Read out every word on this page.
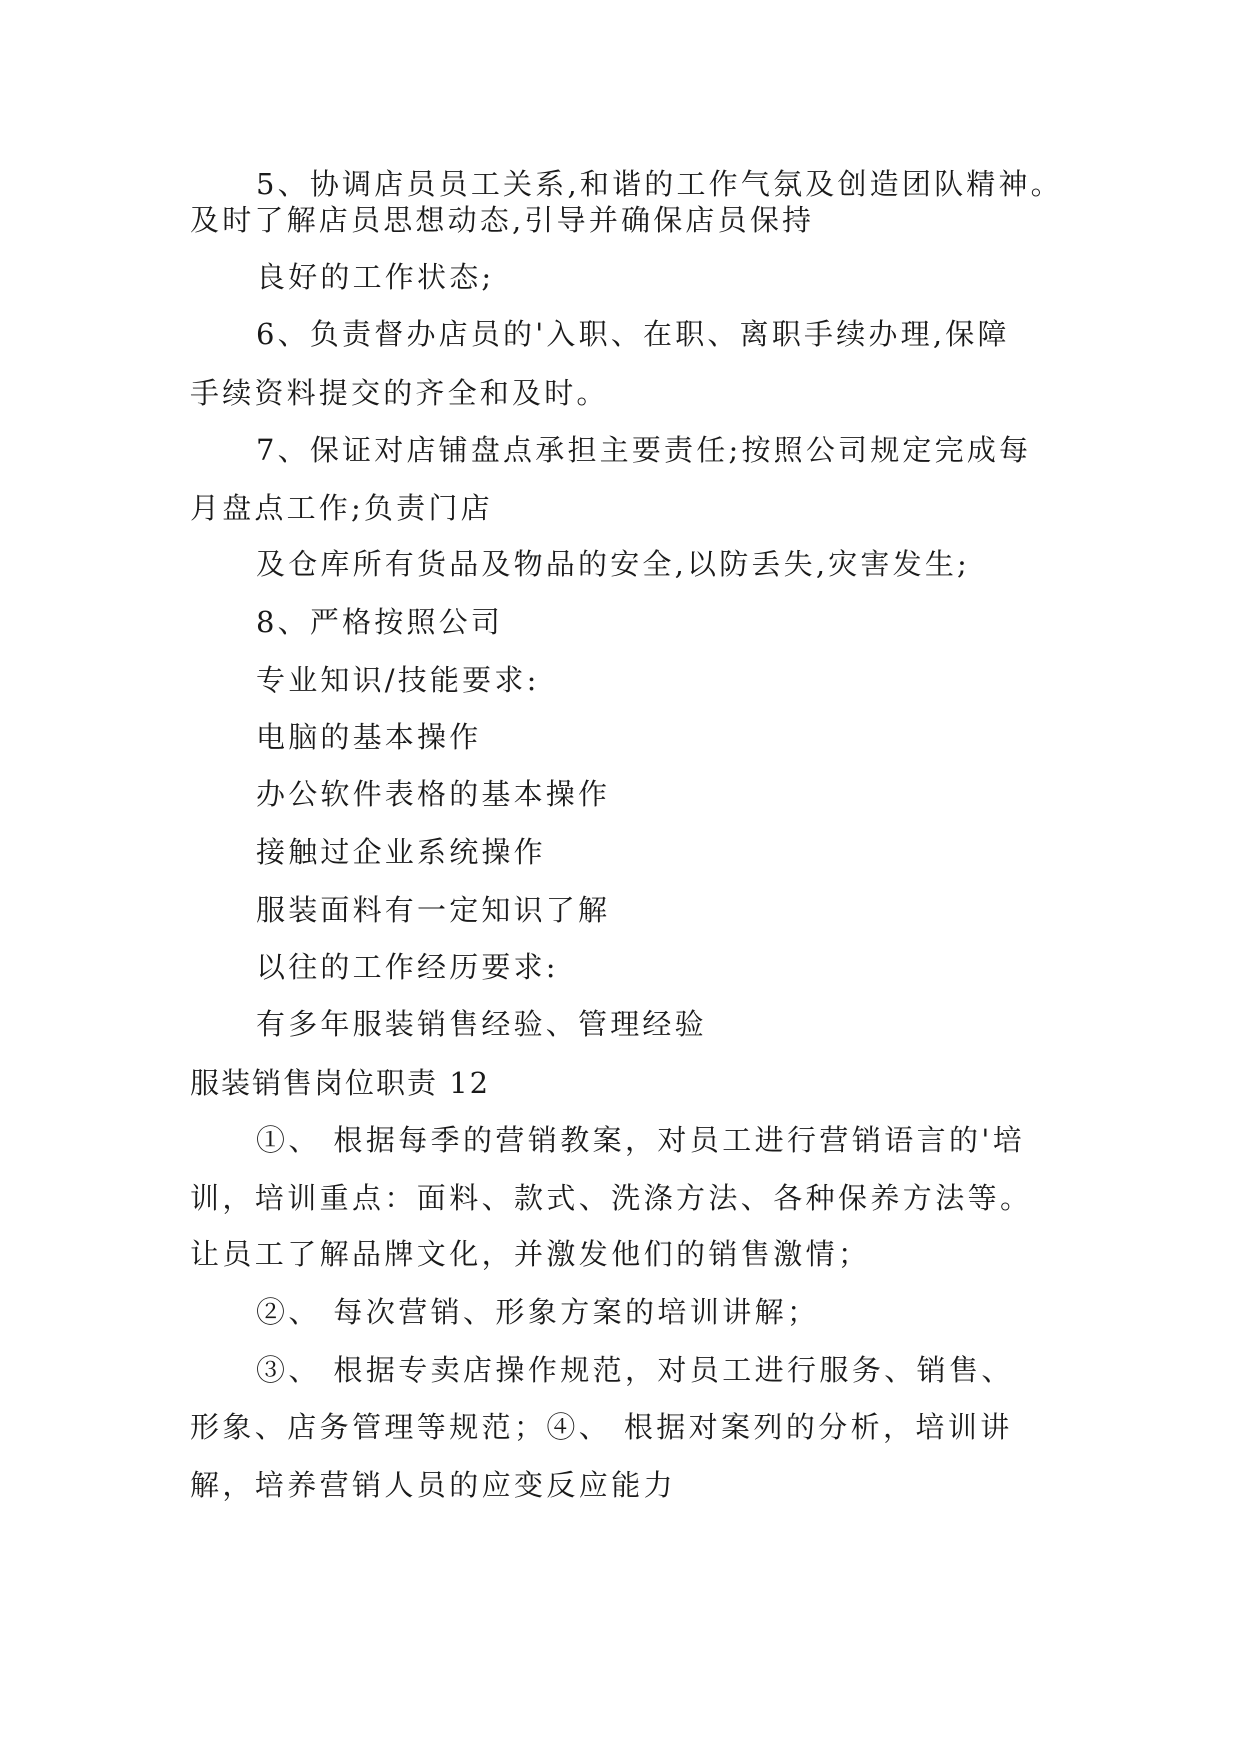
5、协调店员员工关系,和谐的工作气氛及创造团队精神。
及时了解店员思想动态,引导并确保店员保持
良好的工作状态;
6、负责督办店员的'入职、在职、离职手续办理,保障
手续资料提交的齐全和及时。
7、保证对店铺盘点承担主要责任;按照公司规定完成每
月盘点工作;负责门店
及仓库所有货品及物品的安全,以防丢失,灾害发生;
8、严格按照公司
专业知识/技能要求:
电脑的基本操作
办公软件表格的基本操作
接触过企业系统操作
服装面料有一定知识了解
以往的工作经历要求:
有多年服装销售经验、管理经验
服装销售岗位职责 12
①、 根据每季的营销教案，对员工进行营销语言的'培
训，培训重点：面料、款式、洗涤方法、各种保养方法等。
让员工了解品牌文化，并激发他们的销售激情；
②、 每次营销、形象方案的培训讲解；
③、 根据专卖店操作规范，对员工进行服务、销售、
形象、店务管理等规范；④、 根据对案列的分析，培训讲
解，培养营销人员的应变反应能力
